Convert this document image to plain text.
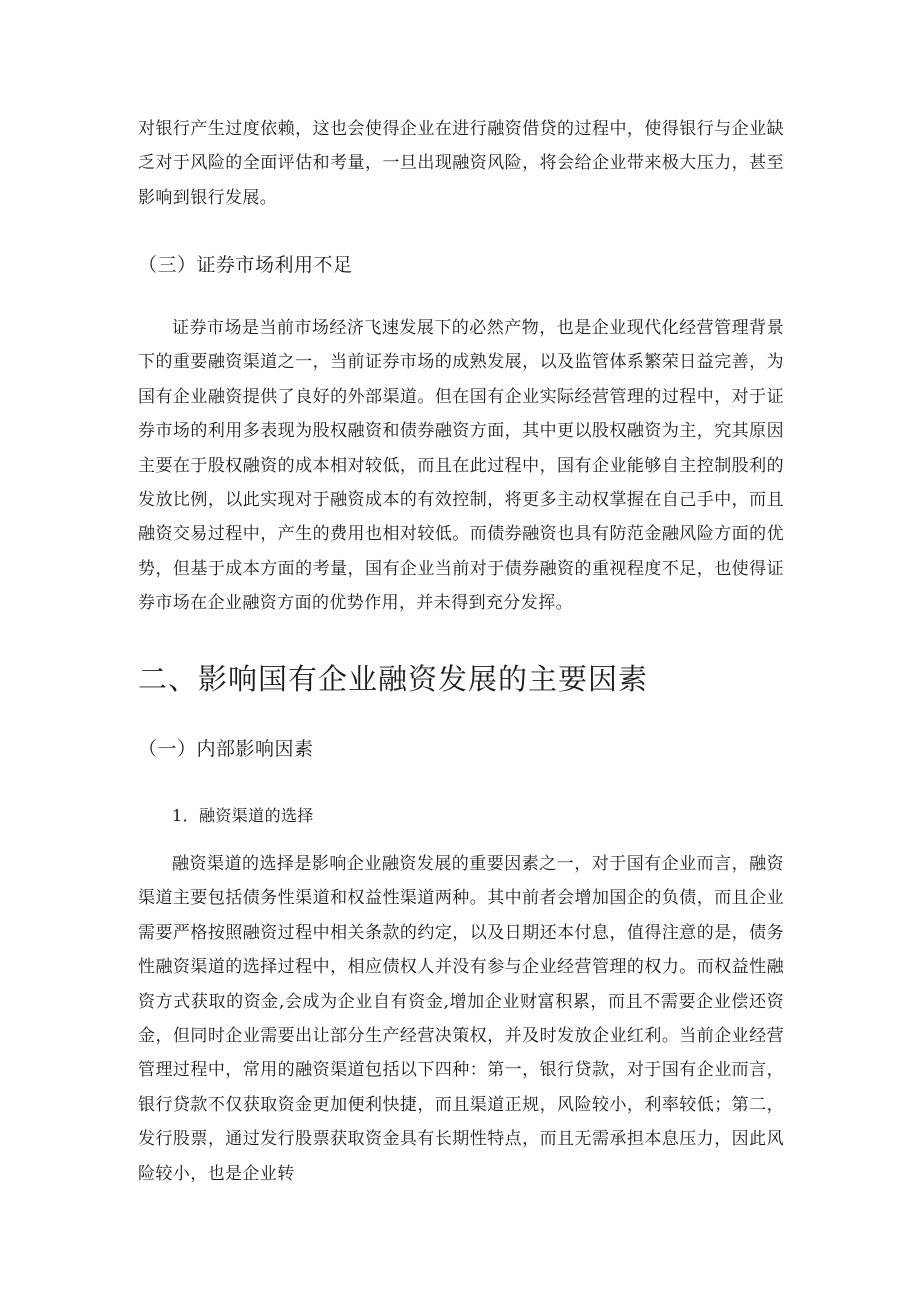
对银行产生过度依赖，这也会使得企业在进行融资借贷的过程中，使得银行与企业缺乏对于风险的全面评估和考量，一旦出现融资风险，将会给企业带来极大压力，甚至影响到银行发展。

（三）证券市场利用不足

证券市场是当前市场经济飞速发展下的必然产物，也是企业现代化经营管理背景下的重要融资渠道之一，当前证券市场的成熟发展，以及监管体系繁荣日益完善，为国有企业融资提供了良好的外部渠道。但在国有企业实际经营管理的过程中，对于证券市场的利用多表现为股权融资和债券融资方面，其中更以股权融资为主，究其原因主要在于股权融资的成本相对较低，而且在此过程中，国有企业能够自主控制股利的发放比例，以此实现对于融资成本的有效控制，将更多主动权掌握在自己手中，而且融资交易过程中，产生的费用也相对较低。而债券融资也具有防范金融风险方面的优势，但基于成本方面的考量，国有企业当前对于债券融资的重视程度不足，也使得证券市场在企业融资方面的优势作用，并未得到充分发挥。

二、影响国有企业融资发展的主要因素
（一）内部影响因素
1．融资渠道的选择

融资渠道的选择是影响企业融资发展的重要因素之一，对于国有企业而言，融资渠道主要包括债务性渠道和权益性渠道两种。其中前者会增加国企的负债，而且企业需要严格按照融资过程中相关条款的约定，以及日期还本付息，值得注意的是，债务性融资渠道的选择过程中，相应债权人并没有参与企业经营管理的权力。而权益性融资方式获取的资金,会成为企业自有资金,增加企业财富积累，而且不需要企业偿还资金，但同时企业需要出让部分生产经营决策权，并及时发放企业红利。当前企业经营管理过程中，常用的融资渠道包括以下四种：第一，银行贷款，对于国有企业而言，银行贷款不仅获取资金更加便利快捷，而且渠道正规，风险较小，利率较低；第二，发行股票，通过发行股票获取资金具有长期性特点，而且无需承担本息压力，因此风险较小，也是企业转
